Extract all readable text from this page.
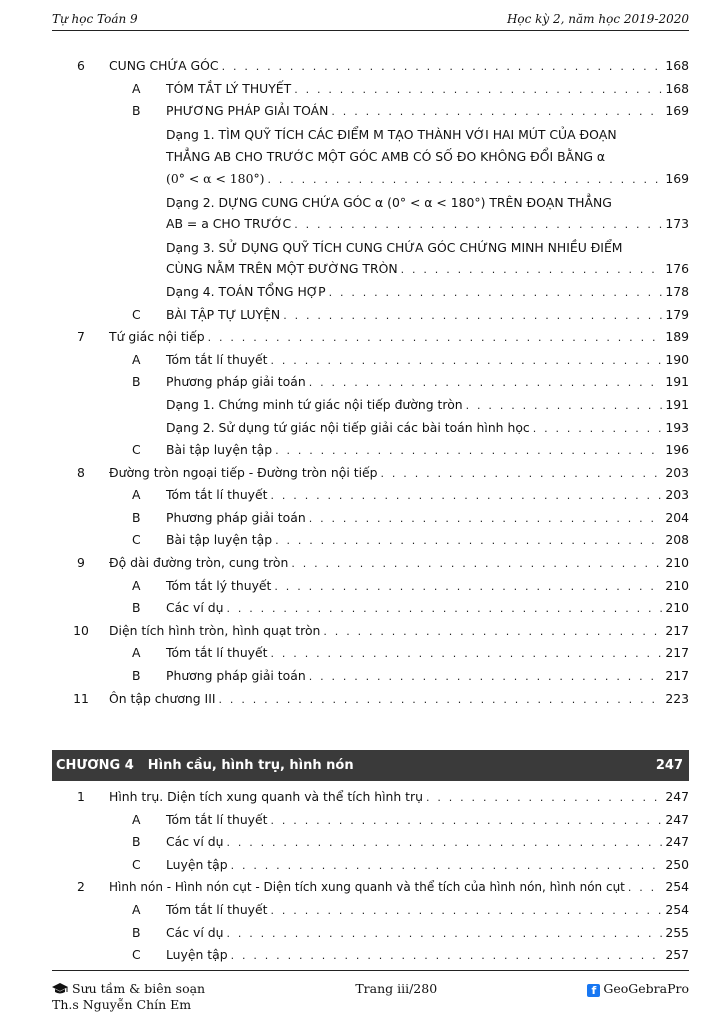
Tự học Toán 9	Học kỳ 2, năm học 2019-2020
6	CUNG CHỨA GÓC . . .	168
A TÓM TẮT LÝ THUYẾT . . .	168
B PHƯƠNG PHÁP GIẢI TOÁN . . .	169
Dạng 1. TÌM QUỸ TÍCH CÁC ĐIỂM M TẠO THÀNH VỚI HAI MÚT CỦA ĐOẠN
THẲNG AB CHO TRƯỚC MỘT GÓC AMB CÓ SỐ ĐO KHÔNG ĐỔI BẰNG α
(0° < α < 180°) . . .	169
Dạng 2. DỰNG CUNG CHỨA GÓC α (0° < α < 180°) TRÊN ĐOẠN THẲNG
AB = a CHO TRƯỚC . . .	173
Dạng 3. SỬ DỤNG QUỸ TÍCH CUNG CHỨA GÓC CHỨNG MINH NHIỀU ĐIỂM
CÙNG NẰM TRÊN MỘT ĐƯỜNG TRÒN . . .	176
Dạng 4. TOÁN TỔNG HỢP . . .	178
C BÀI TẬP TỰ LUYỆN . . .	179
7	Tứ giác nội tiếp . . .	189
A Tóm tắt lí thuyết . . .	190
B Phương pháp giải toán . . .	191
Dạng 1. Chứng minh tứ giác nội tiếp đường tròn . . .	191
Dạng 2. Sử dụng tứ giác nội tiếp giải các bài toán hình học . . .	193
C Bài tập luyện tập . . .	196
8	Đường tròn ngoại tiếp - Đường tròn nội tiếp . . .	203
A Tóm tắt lí thuyết . . .	203
B Phương pháp giải toán . . .	204
C Bài tập luyện tập . . .	208
9	Độ dài đường tròn, cung tròn . . .	210
A Tóm tắt lý thuyết . . .	210
B Các ví dụ . . .	210
10	Diện tích hình tròn, hình quạt tròn . . .	217
A Tóm tắt lí thuyết . . .	217
B Phương pháp giải toán . . .	217
11	Ôn tập chương III . . .	223
CHƯƠNG 4 Hình cầu, hình trụ, hình nón	247
1	Hình trụ. Diện tích xung quanh và thể tích hình trụ . . .	247
A Tóm tắt lí thuyết . . .	247
B Các ví dụ . . .	247
C Luyện tập . . .	250
2	Hình nón - Hình nón cụt - Diện tích xung quanh và thể tích của hình nón, hình nón cụt . . .	254
A Tóm tắt lí thuyết . . .	254
B Các ví dụ . . .	255
C Luyện tập . . .	257
Sưu tầm & biên soạn	Trang iii/280	f GeoGebraPro
Th.s Nguyễn Chín Em
